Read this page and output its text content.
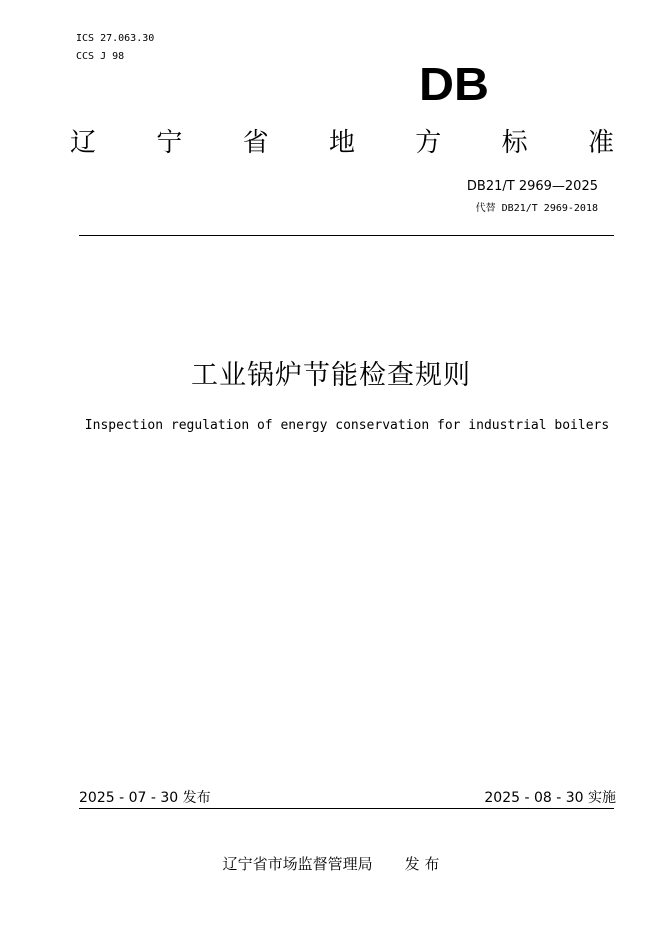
ICS 27.063.30
CCS J 98
DB
辽 宁 省 地 方 标 准
DB21/T 2969—2025
代替 DB21/T 2969-2018
工业锅炉节能检查规则
Inspection regulation of energy conservation for industrial boilers
2025 - 07 - 30 发布	2025 - 08 - 30 实施
辽宁省市场监督管理局 发 布
